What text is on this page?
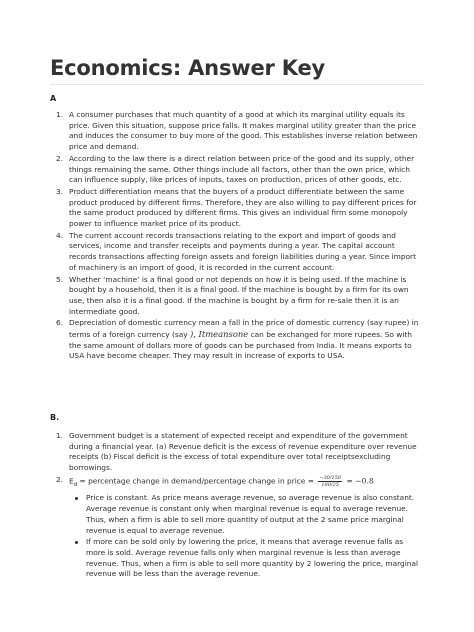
Economics: Answer Key
A
1. A consumer purchases that much quantity of a good at which its marginal utility equals its price. Given this situation, suppose price falls. It makes marginal utility greater than the price and induces the consumer to buy more of the good. This establishes inverse relation between price and demand.
2. According to the law there is a direct relation between price of the good and its supply, other things remaining the same. Other things include all factors, other than the own price, which can influence supply, like prices of inputs, taxes on production, prices of other goods, etc.
3. Product differentiation means that the buyers of a product differentiate between the same product produced by different firms. Therefore, they are also willing to pay different prices for the same product produced by different firms. This gives an individual firm some monopoly power to influence market price of its product.
4. The current account records transactions relating to the export and import of goods and services, income and transfer receipts and payments during a year. The capital account records transactions affecting foreign assets and foreign liabilities during a year. Since import of machinery is an import of good, it is recorded in the current account.
5. Whether ‘machine’ is a final good or not depends on how it is being used. If the machine is bought by a household, then it is a final good. If the machine is bought by a firm for its own use, then also it is a final good. If the machine is bought by a firm for re-sale then it is an intermediate good.
6. Depreciation of domestic currency mean a fall in the price of domestic currency (say rupee) in terms of a foreign currency (say ), Itmeansone can be exchanged for more rupees. So with the same amount of dollars more of goods can be purchased from India. It means exports to USA have become cheaper. They may result in increase of exports to USA.
B.
1. Government budget is a statement of expected receipt and expenditure of the government during a financial year. (a) Revenue deficit is the excess of revenue expenditure over revenue receipts (b) Fiscal deficit is the excess of total expenditure over total receiptsexcluding borrowings.
2. $E_d$ = percentage change in demand/percentage change in price = $\frac{-30/150}{180/25} = -0.8$
Price is constant. As price means average revenue, so average revenue is also constant. Average revenue is constant only when marginal revenue is equal to average revenue. Thus, when a firm is able to sell more quantity of output at the 2 same price marginal revenue is equal to average revenue.
If more can be sold only by lowering the price, it means that average revenue falls as more is sold. Average revenue falls only when marginal revenue is less than average revenue. Thus, when a firm is able to sell more quantity by 2 lowering the price, marginal revenue will be less than the average revenue.
